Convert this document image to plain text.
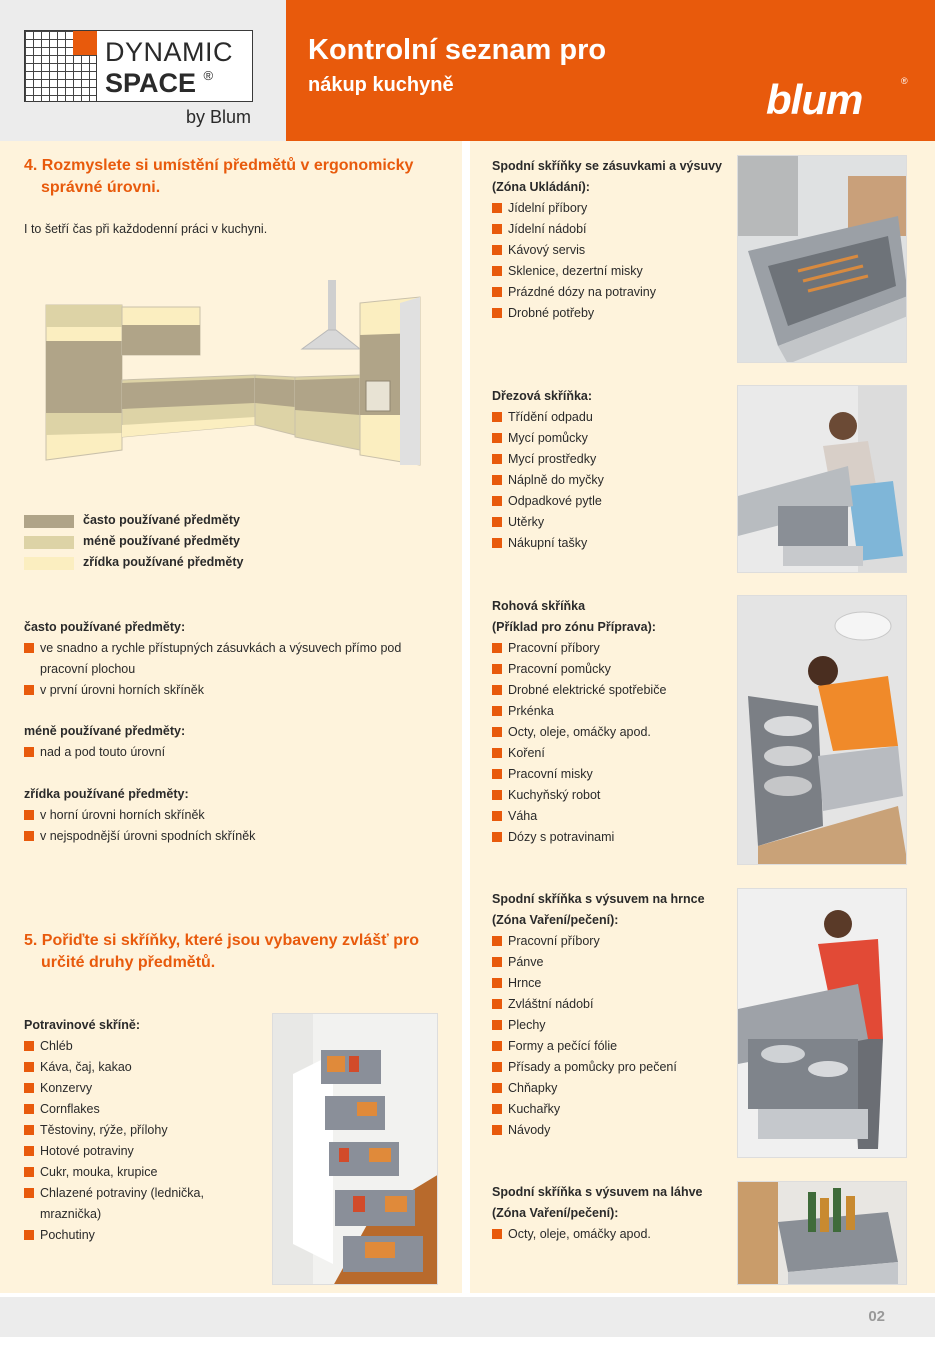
DYNAMIC
SPACE ®
by Blum
Kontrolní seznam pro
nákup kuchyně	blum	®
4. Rozmyslete si umístění předmětů v ergonomicky
správné úrovni.
I to šetří čas při každodenní práci v kuchyni.
často používané předměty
méně používané předměty
zřídka používané předměty
často používané předměty:
ve snadno a rychle přístupných zásuvkách a výsuvech přímo pod pracovní plochou
v první úrovni horních skříněk
méně používané předměty:
nad a pod touto úrovní
zřídka používané předměty:
v horní úrovni horních skříněk
v nejspodnější úrovni spodních skříněk
5. Pořiďte si skříňky, které jsou vybaveny zvlášť pro
určité druhy předmětů.
Potravinové skříně:
Chléb
Káva, čaj, kakao
Konzervy
Cornflakes
Těstoviny, rýže, přílohy
Hotové potraviny
Cukr, mouka, krupice
Chlazené potraviny (lednička, mraznička)
Pochutiny
Spodní skříňky se zásuvkami a výsuvy
(Zóna Ukládání):
Jídelní příbory
Jídelní nádobí
Kávový servis
Sklenice, dezertní misky
Prázdné dózy na potraviny
Drobné potřeby
Dřezová skříňka:
Třídění odpadu
Mycí pomůcky
Mycí prostředky
Náplně do myčky
Odpadkové pytle
Utěrky
Nákupní tašky
Rohová skříňka
(Příklad pro zónu Příprava):
Pracovní příbory
Pracovní pomůcky
Drobné elektrické spotřebiče
Prkénka
Octy, oleje, omáčky apod.
Koření
Pracovní misky
Kuchyňský robot
Váha
Dózy s potravinami
Spodní skříňka s výsuvem na hrnce
(Zóna Vaření/pečení):
Pracovní příbory
Pánve
Hrnce
Zvláštní nádobí
Plechy
Formy a pečící fólie
Přísady a pomůcky pro pečení
Chňapky
Kuchařky
Návody
Spodní skříňka s výsuvem na láhve
(Zóna Vaření/pečení):
Octy, oleje, omáčky apod.
02
